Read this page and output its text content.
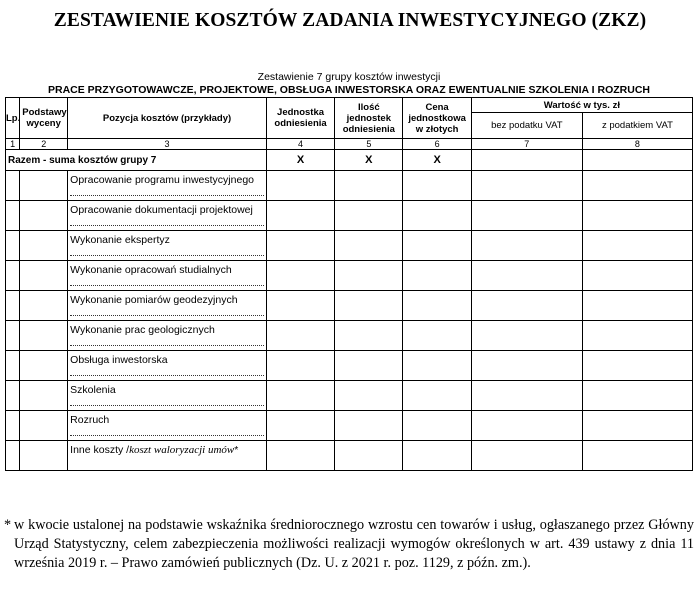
ZESTAWIENIE KOSZTÓW ZADANIA INWESTYCYJNEGO (ZKZ)
Zestawienie 7 grupy kosztów inwestycji
PRACE PRZYGOTOWAWCZE, PROJEKTOWE, OBSŁUGA INWESTORSKA ORAZ EWENTUALNIE SZKOLENIA I ROZRUCH
Lp.	Podstawy wyceny	Pozycja kosztów (przykłady)	Jednostka odniesienia	Ilość jednostek odniesienia	Cena jednostkowa w złotych	Wartość w tys. zł	
						bez podatku VAT	z podatkiem VAT
1	2	3	4	5	6	7	8
Razem - suma kosztów grupy 7			X	X	X		

		Opracowanie programu inwestycyjnego					

		Opracowanie dokumentacji projektowej					

		Wykonanie ekspertyz					

		Wykonanie opracowań studialnych					

		Wykonanie pomiarów geodezyjnych					

		Wykonanie prac geologicznych					

		Obsługa inwestorska					

		Szkolenia					

		Rozruch					

		Inne koszty /koszt waloryzacji umów*					

* w kwocie ustalonej na podstawie wskaźnika średniorocznego wzrostu cen towarów i usług, ogłaszanego przez Główny Urząd Statystyczny, celem zabezpieczenia możliwości realizacji wymogów określonych w art. 439 ustawy z dnia 11 września 2019 r. – Prawo zamówień publicznych (Dz. U. z 2021 r. poz. 1129, z późn. zm.).
